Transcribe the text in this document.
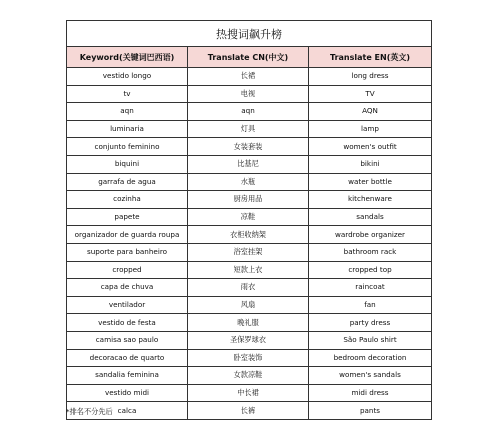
热搜词飙升榜		
Keyword(关键词巴西语)	Translate CN(中文)	Translate EN(英文)
vestido longo	长裙	long dress
tv	电视	TV
aqn	aqn	AQN
luminaria	灯具	lamp
conjunto feminino	女装套装	women's outfit
biquini	比基尼	bikini
garrafa de agua	水瓶	water bottle
cozinha	厨房用品	kitchenware
papete	凉鞋	sandals
organizador de guarda roupa	衣柜收纳架	wardrobe organizer
suporte para banheiro	浴室挂架	bathroom rack
cropped	短款上衣	cropped top
capa de chuva	雨衣	raincoat
ventilador	风扇	fan
vestido de festa	晚礼服	party dress
camisa sao paulo	圣保罗球衣	São Paulo shirt
decoracao de quarto	卧室装饰	bedroom decoration
sandalia feminina	女款凉鞋	women's sandals
vestido midi	中长裙	midi dress
calca	长裤	pants
*排名不分先后
